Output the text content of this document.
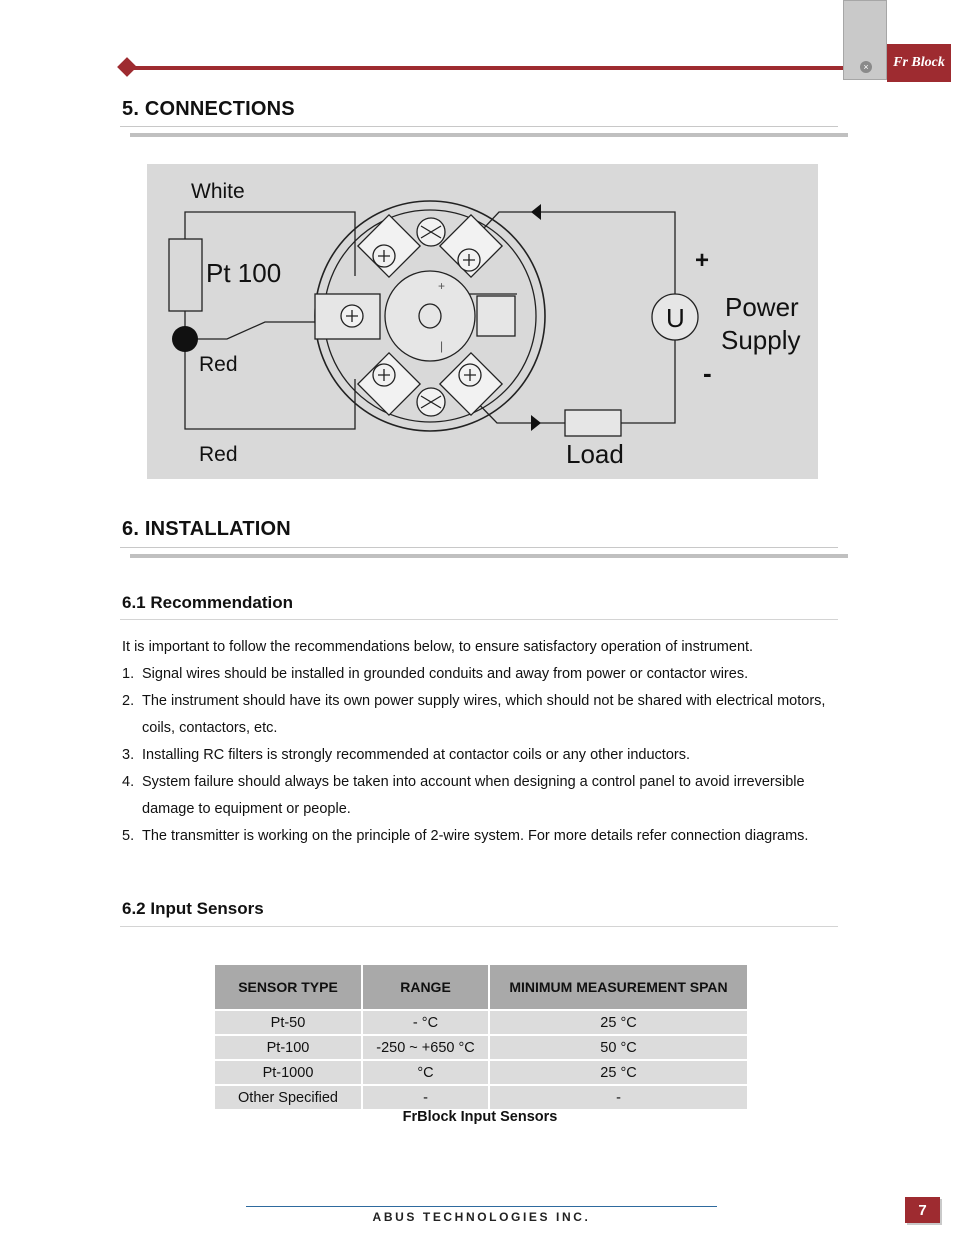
×	Fr Block
5. CONNECTIONS
+
|
White
Pt 100
Red
Red
+
-
U Power
Supply
Load
6. INSTALLATION
6.1 Recommendation
It is important to follow the recommendations below, to ensure satisfactory operation of instrument.
1. Signal wires should be installed in grounded conduits and away from power or contactor wires.
2. The instrument should have its own power supply wires, which should not be shared with electrical motors, coils, contactors, etc.
3. Installing RC filters is strongly recommended at contactor coils or any other inductors.
4. System failure should always be taken into account when designing a control panel to avoid irreversible damage to equipment or people.
5. The transmitter is working on the principle of 2-wire system. For more details refer connection diagrams.
6.2 Input Sensors
SENSOR TYPE	RANGE	MINIMUM MEASUREMENT SPAN
Pt-50	- °C	25 °C
Pt-100	-250 ~ +650 °C	50 °C
Pt-1000	°C	25 °C
Other Specified	-	-
FrBlock Input Sensors
ABUS TECHNOLOGIES INC.	7
